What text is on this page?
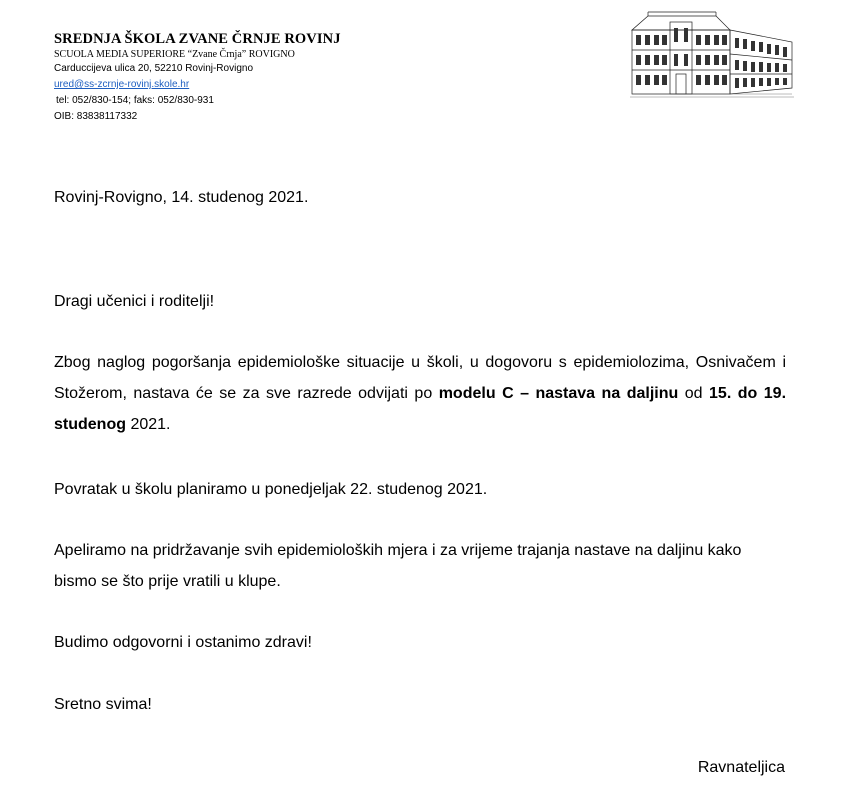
SREDNJA ŠKOLA ZVANE ČRNJE ROVINJ
SCUOLA MEDIA SUPERIORE “Zvane Črnja” ROVIGNO
Carduccijeva ulica 20, 52210 Rovinj-Rovigno
ured@ss-zcrnje-rovinj.skole.hr
tel: 052/830-154; faks: 052/830-931
OIB: 83838117332
Rovinj-Rovigno, 14. studenog 2021.
Dragi učenici i roditelji!
Zbog naglog pogoršanja epidemiološke situacije u školi, u dogovoru s epidemiolozima, Osnivačem i Stožerom, nastava će se za sve razrede odvijati po modelu C – nastava na daljinu od 15. do 19. studenog 2021.
Povratak u školu planiramo u ponedjeljak 22. studenog 2021.
Apeliramo na pridržavanje svih epidemioloških mjera i za vrijeme trajanja nastave na daljinu kako bismo se što prije vratili u klupe.
Budimo odgovorni i ostanimo zdravi!
Sretno svima!
Ravnateljica
